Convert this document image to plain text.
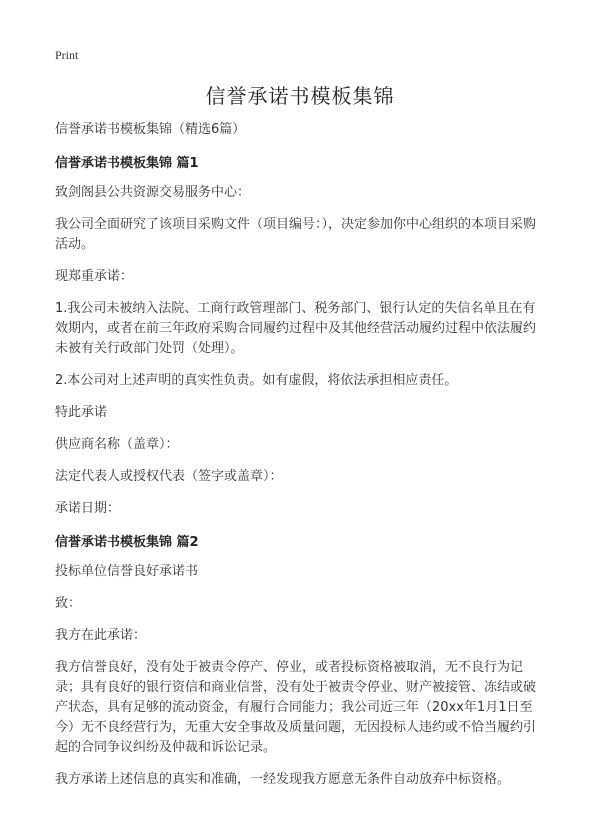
Print
信誉承诺书模板集锦

信誉承诺书模板集锦（精选6篇）

信誉承诺书模板集锦 篇1

致剑阁县公共资源交易服务中心：

我公司全面研究了该项目采购文件（项目编号：），决定参加你中心组织的本项目采购活动。

现郑重承诺：

1.我公司未被纳入法院、工商行政管理部门、税务部门、银行认定的失信名单且在有效期内，或者在前三年政府采购合同履约过程中及其他经营活动履约过程中依法履约未被有关行政部门处罚（处理）。

2.本公司对上述声明的真实性负责。如有虚假，将依法承担相应责任。

特此承诺

供应商名称（盖章）：

法定代表人或授权代表（签字或盖章）：

承诺日期：

信誉承诺书模板集锦 篇2

投标单位信誉良好承诺书

致：

我方在此承诺：

我方信誉良好，没有处于被责令停产、停业，或者投标资格被取消，无不良行为记录；具有良好的银行资信和商业信誉，没有处于被责令停业、财产被接管、冻结或破产状态，具有足够的流动资金，有履行合同能力；我公司近三年（20xx年1月1日至今）无不良经营行为，无重大安全事故及质量问题，无因投标人违约或不恰当履约引起的合同争议纠纷及仲裁和诉讼记录。

我方承诺上述信息的真实和准确，一经发现我方愿意无条件自动放弃中标资格。
